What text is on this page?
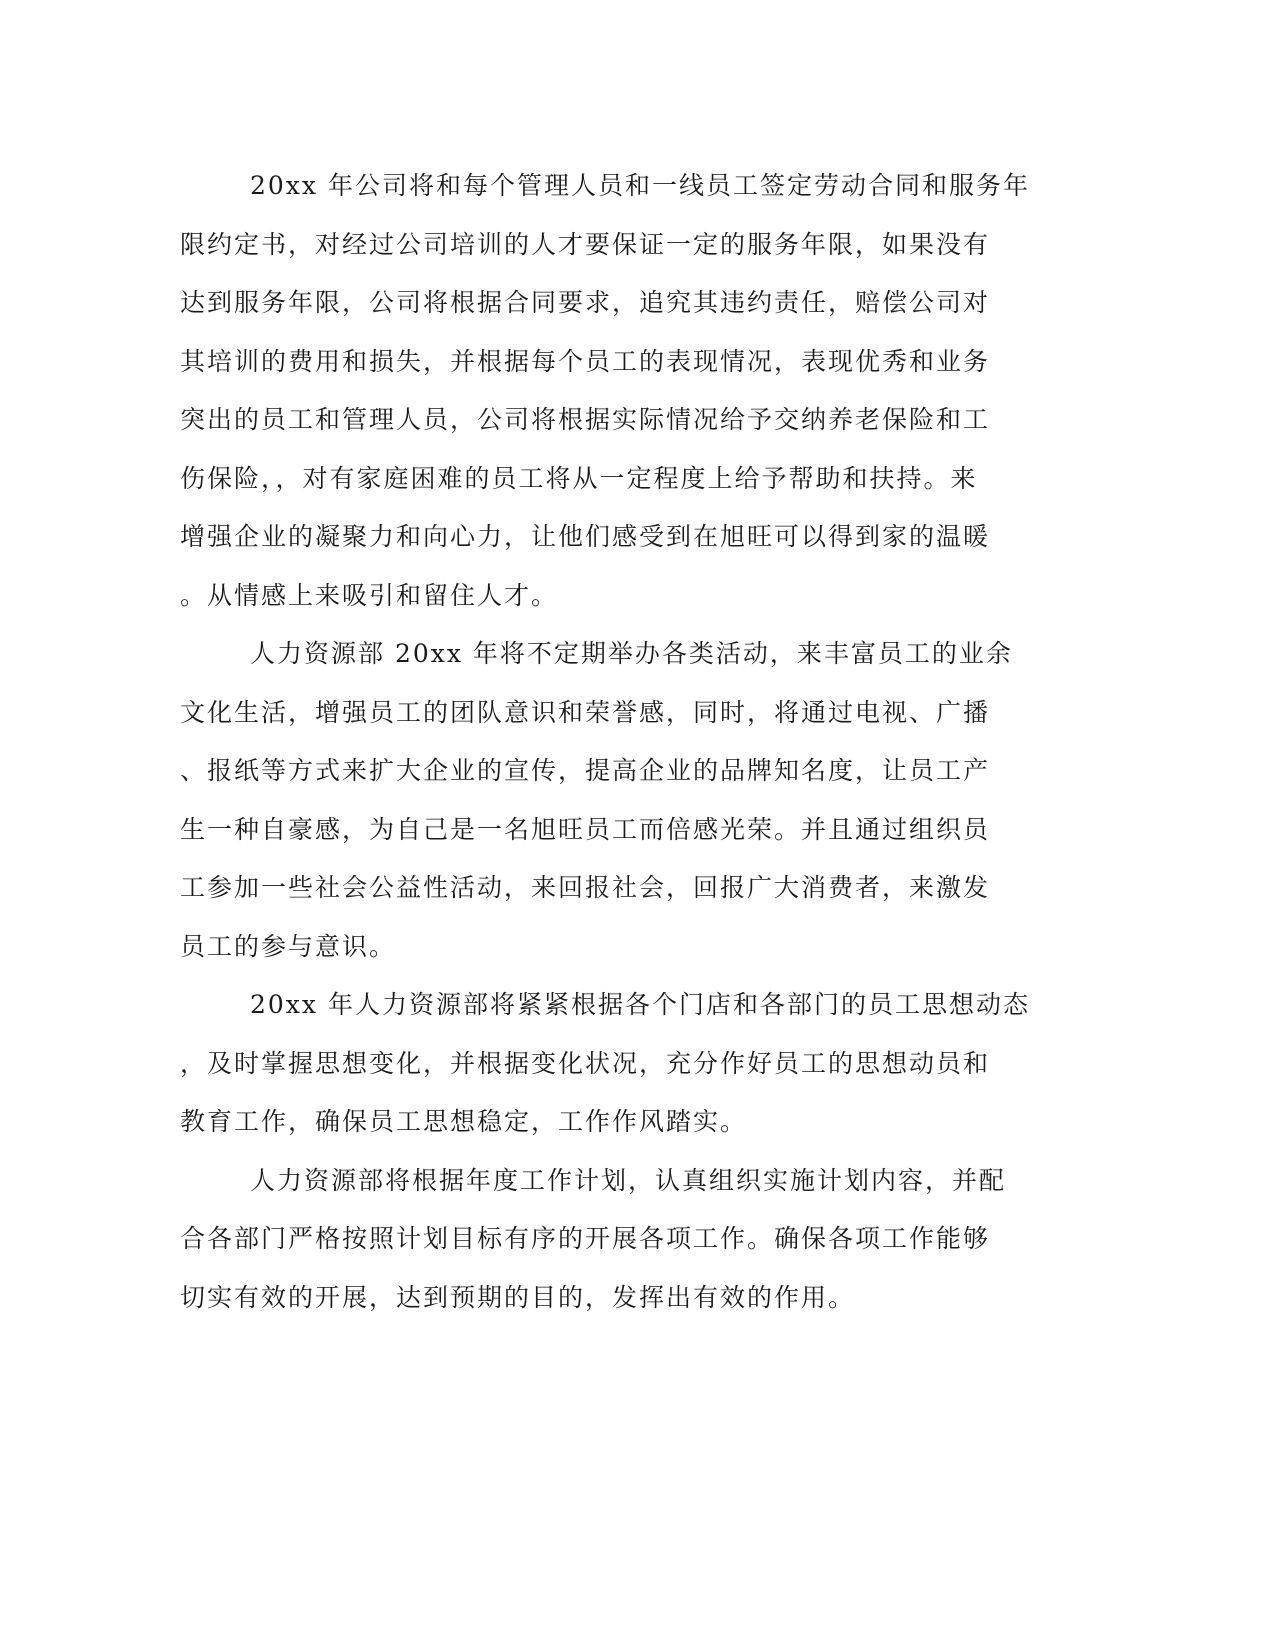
20xx 年公司将和每个管理人员和一线员工签定劳动合同和服务年
限约定书，对经过公司培训的人才要保证一定的服务年限，如果没有
达到服务年限，公司将根据合同要求，追究其违约责任，赔偿公司对
其培训的费用和损失，并根据每个员工的表现情况，表现优秀和业务
突出的员工和管理人员，公司将根据实际情况给予交纳养老保险和工
伤保险，，对有家庭困难的员工将从一定程度上给予帮助和扶持。来
增强企业的凝聚力和向心力，让他们感受到在旭旺可以得到家的温暖
。从情感上来吸引和留住人才。
人力资源部 20xx 年将不定期举办各类活动，来丰富员工的业余
文化生活，增强员工的团队意识和荣誉感，同时，将通过电视、广播
、报纸等方式来扩大企业的宣传，提高企业的品牌知名度，让员工产
生一种自豪感，为自己是一名旭旺员工而倍感光荣。并且通过组织员
工参加一些社会公益性活动，来回报社会，回报广大消费者，来激发
员工的参与意识。
20xx 年人力资源部将紧紧根据各个门店和各部门的员工思想动态
，及时掌握思想变化，并根据变化状况，充分作好员工的思想动员和
教育工作，确保员工思想稳定，工作作风踏实。
人力资源部将根据年度工作计划，认真组织实施计划内容，并配
合各部门严格按照计划目标有序的开展各项工作。确保各项工作能够
切实有效的开展，达到预期的目的，发挥出有效的作用。
